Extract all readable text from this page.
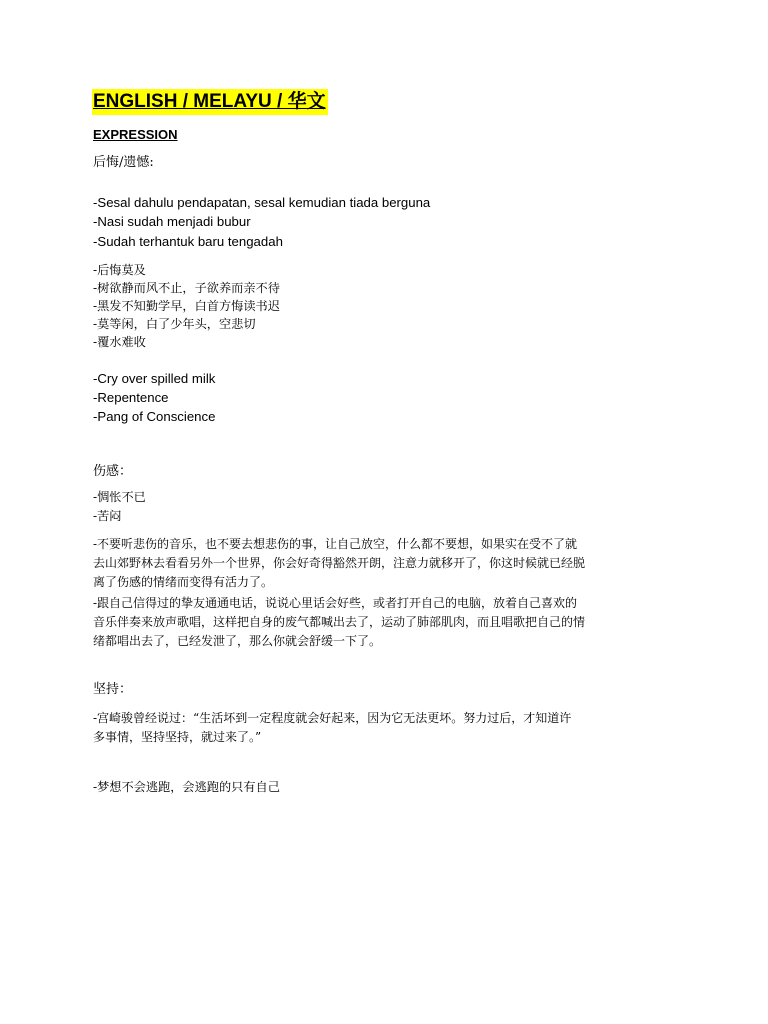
ENGLISH / MELAYU / 华文
EXPRESSION
后悔/遗憾:
-Sesal dahulu pendapatan, sesal kemudian tiada berguna
-Nasi sudah menjadi bubur
-Sudah terhantuk baru tengadah
-后悔莫及
-树欲静而风不止，子欲养而亲不待
-黑发不知勤学早，白首方悔读书迟
-莫等闲，白了少年头，空悲切
-覆水难收
-Cry over spilled milk
-Repentence
-Pang of Conscience
伤感：
-惆怅不已
-苦闷
-不要听悲伤的音乐，也不要去想悲伤的事，让自己放空，什么都不要想，如果实在受不了就
去山郊野林去看看另外一个世界，你会好奇得豁然开朗，注意力就移开了，你这时候就已经脱
离了伤感的情绪而变得有活力了。
-跟自己信得过的挚友通通电话，说说心里话会好些，或者打开自己的电脑，放着自己喜欢的
音乐伴奏来放声歌唱，这样把自身的废气都喊出去了，运动了肺部肌肉，而且唱歌把自己的情
绪都唱出去了，已经发泄了，那么你就会舒缓一下了。
坚持：
-宫崎骏曾经说过：“生活坏到一定程度就会好起来，因为它无法更坏。努力过后，才知道许
多事情，坚持坚持，就过来了。”
-梦想不会逃跑，会逃跑的只有自己
